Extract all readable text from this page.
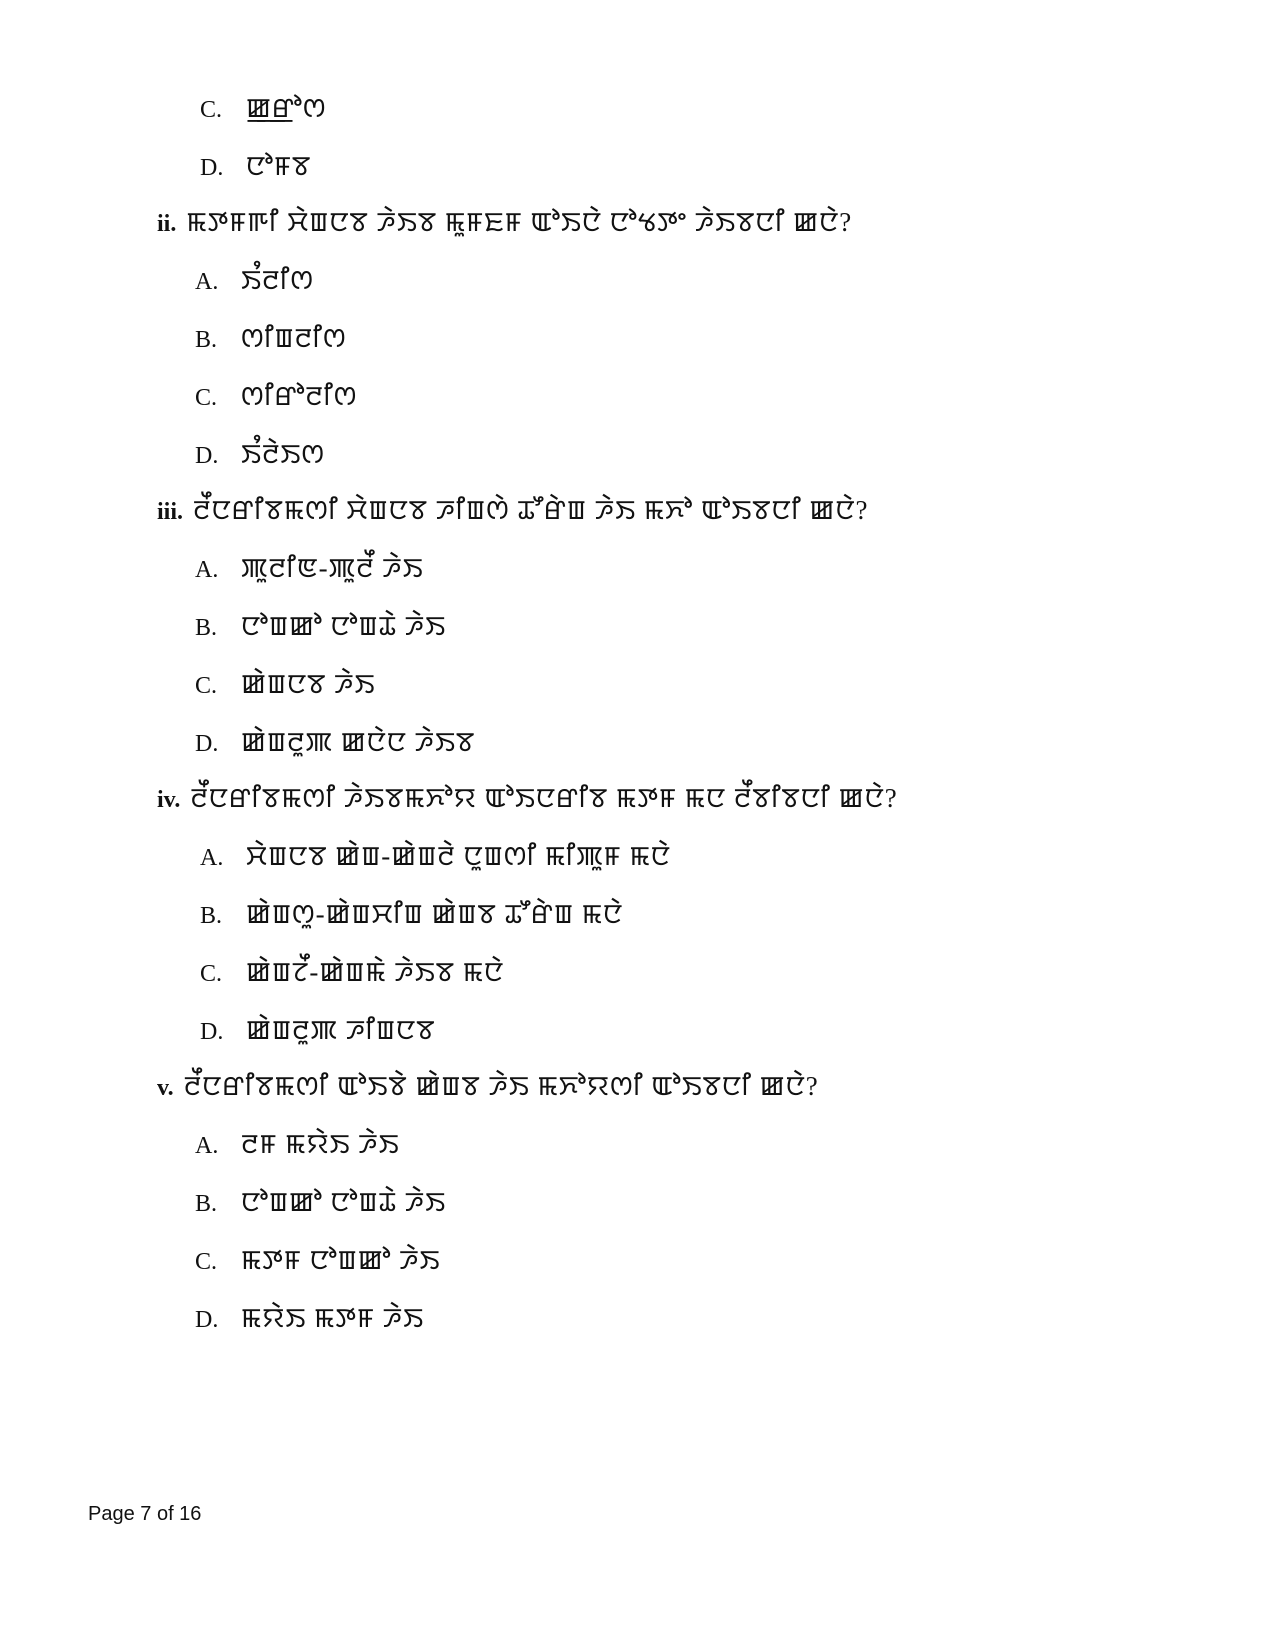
C. ꯀ꯭ꯔꯣꯁ
D. ꯅꯣꯝꯕ
ii. ꯃꯇꯝꯒꯤ ꯆꯥꯡꯅꯕ ꯍꯥꯏꯕ ꯃꯨꯝꯐꯝ ꯑꯣꯏꯅꯥ ꯅꯣꯠꯇꯦ ꯍꯥꯏꯕꯅꯤ ꯀꯅꯥ?
A. ꯏꯪꯂꯤꯁ
B. ꯁꯤꯡꯂꯤꯁ
C. ꯁꯤꯔꯣꯂꯤꯁ
D. ꯏꯪꯂꯥꯏꯁ
iii. ꯂꯩꯅꯔꯤꯕꯃꯁꯤ ꯆꯥꯡꯅꯕ ꯍꯤꯡꯁꯥ ꯊꯧꯔꯥꯡ ꯍꯥꯏ ꯃꯈꯣ ꯑꯣꯏꯕꯅꯤ ꯀꯅꯥ?
A. ꯄꯨꯂꯤꯟ-ꯄꯨꯂꯩ ꯍꯥꯏ
B. ꯅꯣꯡꯀꯣ ꯅꯣꯡꯊꯥ ꯍꯥꯏ
C. ꯀꯥꯡꯅꯕ ꯍꯥꯏ
D. ꯀꯥꯡꯂꯨꯄ ꯀꯅꯥꯅ ꯍꯥꯏꯕ
iv. ꯂꯩꯅꯔꯤꯕꯃꯁꯤ ꯍꯥꯏꯕꯃꯈꯣꯌ ꯑꯣꯏꯅꯔꯤꯕ ꯃꯇꯝ ꯃꯅ ꯂꯩꯕꯤꯕꯅꯤ ꯀꯅꯥ?
A. ꯆꯥꯡꯅꯕ ꯀꯥꯡ-ꯀꯥꯡꯂꯥ ꯅꯨꯡꯁꯤ ꯃꯤꯄꯨꯝ ꯃꯅꯥ
B. ꯀꯥꯡꯁꯨ-ꯀꯥꯡꯆꯤꯡ ꯀꯥꯡꯕ ꯊꯧꯔꯥꯡ ꯃꯅꯥ
C. ꯀꯥꯡꯖꯩ-ꯀꯥꯡꯃꯥ ꯍꯥꯏꯕ ꯃꯅꯥ
D. ꯀꯥꯡꯂꯨꯄ ꯍꯤꯡꯅꯕ
v. ꯂꯩꯅꯔꯤꯕꯃꯁꯤ ꯑꯣꯏꯕꯥ ꯀꯥꯡꯕ ꯍꯥꯏ ꯃꯈꯣꯌꯁꯤ ꯑꯣꯏꯕꯅꯤ ꯀꯅꯥ?
A. ꯂꯝ ꯃꯌꯥꯏ ꯍꯥꯏ
B. ꯅꯣꯡꯀꯣ ꯅꯣꯡꯊꯥ ꯍꯥꯏ
C. ꯃꯇꯝ ꯅꯣꯡꯀꯣ ꯍꯥꯏ
D. ꯃꯌꯥꯏ ꯃꯇꯝ ꯍꯥꯏ
Page 7 of 16
